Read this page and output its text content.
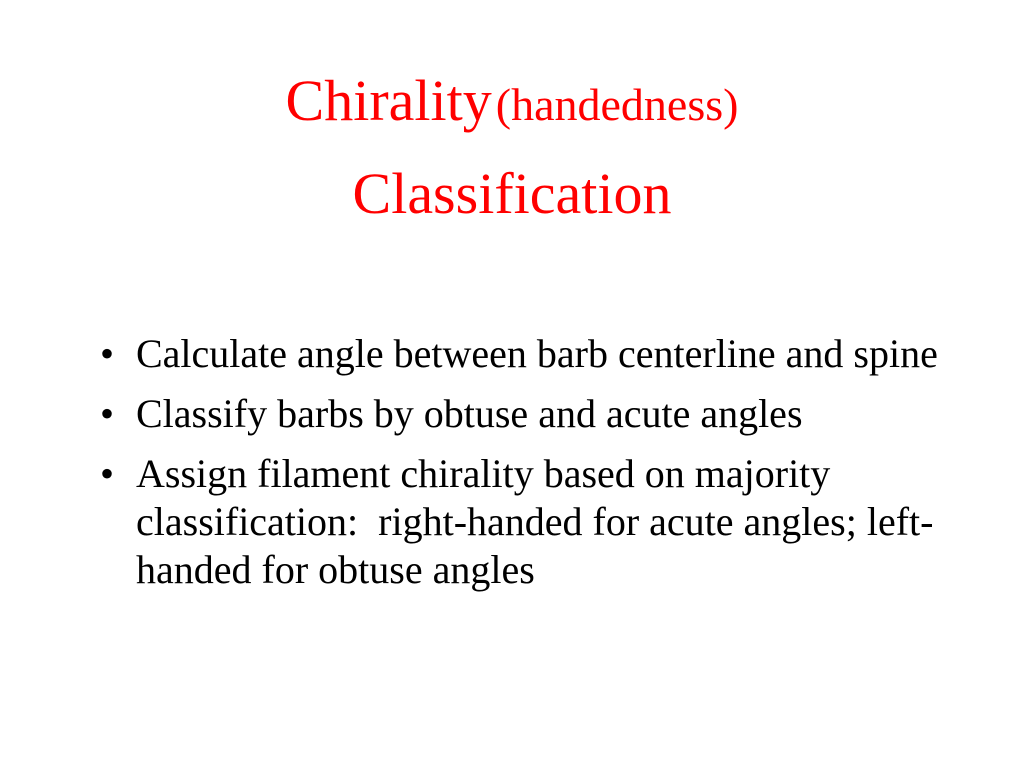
Chirality (handedness)
Classification
• Calculate angle between barb centerline and spine
• Classify barbs by obtuse and acute angles
• Assign filament chirality based on majority classification:  right-handed for acute angles; left-handed for obtuse angles
